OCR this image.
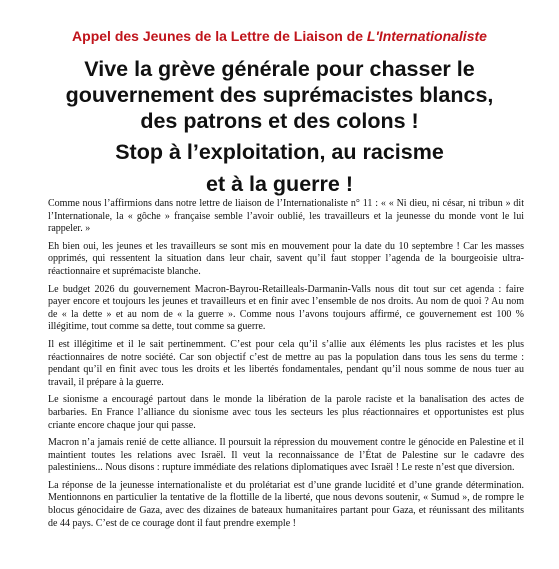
Appel des Jeunes de la Lettre de Liaison de L'Internationaliste
Vive la grève générale pour chasser le
gouvernement des suprémacistes blancs,
des patrons et des colons !
Stop à l’exploitation, au racisme
et à la guerre !

Comme nous l’affirmions dans notre lettre de liaison de l’Internationaliste n° 11 : « « Ni dieu, ni césar, ni tribun » dit l’Internationale, la « gôche » française semble l’avoir oublié, les travailleurs et la jeunesse du monde vont le lui rappeler. »

Eh bien oui, les jeunes et les travailleurs se sont mis en mouvement pour la date du 10 septembre ! Car les masses opprimés, qui ressentent la situation dans leur chair, savent qu’il faut stopper l’agenda de la bourgeoisie ultra-réactionnaire et suprémaciste blanche.

Le budget 2026 du gouvernement Macron-Bayrou-Retailleals-Darmanin-Valls nous dit tout sur cet agenda : faire payer encore et toujours les jeunes et travailleurs et en finir avec l’ensemble de nos droits. Au nom de quoi ? Au nom de « la dette » et au nom de « la guerre ». Comme nous l’avons toujours affirmé, ce gouvernement est 100 % illégitime, tout comme sa dette, tout comme sa guerre.

Il est illégitime et il le sait pertinemment. C’est pour cela qu’il s’allie aux éléments les plus racistes et les plus réactionnaires de notre société. Car son objectif c’est de mettre au pas la population dans tous les sens du terme : pendant qu’il en finit avec tous les droits et les libertés fondamentales, pendant qu’il nous somme de nous tuer au travail, il prépare à la guerre.

Le sionisme a encouragé partout dans le monde la libération de la parole raciste et la banalisation des actes de barbaries. En France l’alliance du sionisme avec tous les secteurs les plus réactionnaires et opportunistes est plus criante encore chaque jour qui passe.

Macron n’a jamais renié de cette alliance. Il poursuit la répression du mouvement contre le génocide en Palestine et il maintient toutes les relations avec Israël. Il veut la reconnaissance de l’État de Palestine sur le cadavre des palestiniens... Nous disons : rupture immédiate des relations diplomatiques avec Israël ! Le reste n’est que diversion.

La réponse de la jeunesse internationaliste et du prolétariat est d’une grande lucidité et d’une grande détermination. Mentionnons en particulier la tentative de la flottille de la liberté, que nous devons soutenir, « Sumud », de rompre le blocus génocidaire de Gaza, avec des dizaines de bateaux humanitaires partant pour Gaza, et réunissant des militants de 44 pays. C’est de ce courage dont il faut prendre exemple !
